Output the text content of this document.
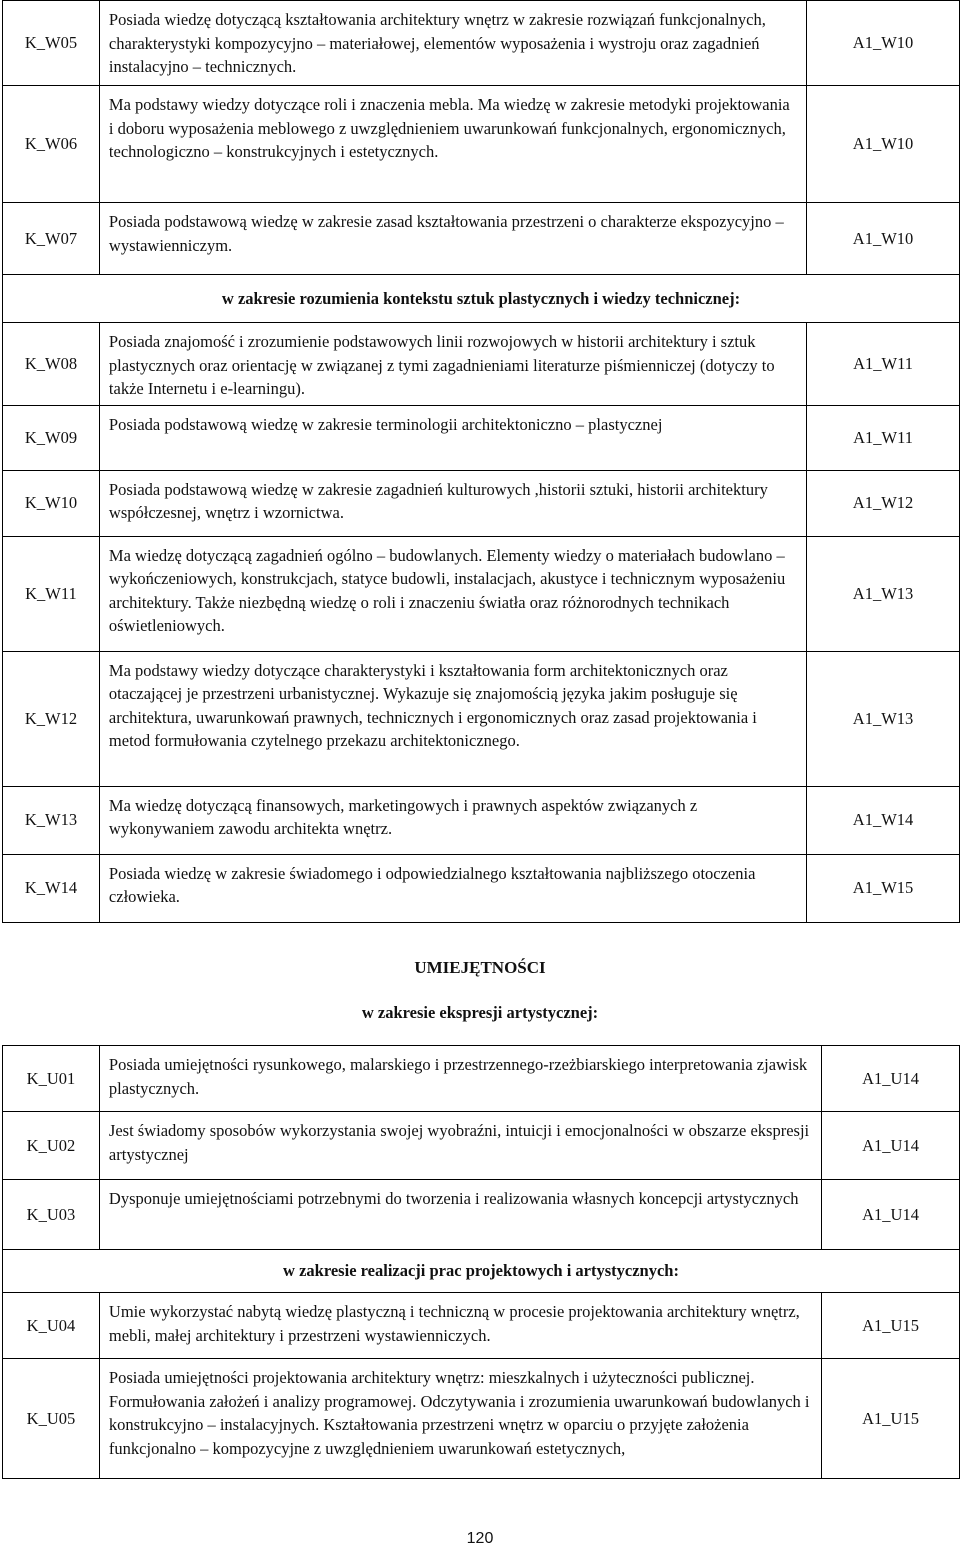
K_W05	Posiada wiedzę dotyczącą kształtowania architektury wnętrz w zakresie rozwiązań funkcjonalnych, charakterystyki kompozycyjno – materiałowej, elementów wyposażenia i wystroju oraz zagadnień instalacyjno – technicznych.	A1_W10
K_W06	Ma podstawy wiedzy dotyczące roli i znaczenia mebla. Ma wiedzę w zakresie metodyki projektowania i doboru wyposażenia meblowego z uwzględnieniem uwarunkowań funkcjonalnych, ergonomicznych, technologiczno – konstrukcyjnych i estetycznych.	A1_W10
K_W07	Posiada podstawową wiedzę w zakresie zasad kształtowania przestrzeni o charakterze ekspozycyjno – wystawienniczym.	A1_W10
w zakresie rozumienia kontekstu sztuk plastycznych i wiedzy technicznej:		
K_W08	Posiada znajomość i zrozumienie podstawowych linii rozwojowych w historii architektury i sztuk plastycznych oraz orientację w związanej z tymi zagadnieniami literaturze piśmienniczej (dotyczy to także Internetu i e-learningu).	A1_W11
K_W09	Posiada podstawową wiedzę w zakresie terminologii architektoniczno – plastycznej	A1_W11
K_W10	Posiada podstawową wiedzę w zakresie zagadnień kulturowych ,historii sztuki, historii architektury współczesnej, wnętrz i wzornictwa.	A1_W12
K_W11	Ma wiedzę dotyczącą zagadnień ogólno – budowlanych. Elementy wiedzy o materiałach budowlano – wykończeniowych, konstrukcjach, statyce budowli, instalacjach, akustyce i technicznym wyposażeniu architektury. Także niezbędną wiedzę o roli i znaczeniu światła oraz różnorodnych technikach oświetleniowych.	A1_W13
K_W12	Ma podstawy wiedzy dotyczące charakterystyki i kształtowania form architektonicznych oraz otaczającej je przestrzeni urbanistycznej. Wykazuje się znajomością języka jakim posługuje się architektura, uwarunkowań prawnych, technicznych i ergonomicznych oraz zasad projektowania i metod formułowania czytelnego przekazu architektonicznego.	A1_W13
K_W13	Ma wiedzę dotyczącą finansowych, marketingowych i prawnych aspektów związanych z wykonywaniem zawodu architekta wnętrz.	A1_W14
K_W14	Posiada wiedzę w zakresie świadomego i odpowiedzialnego kształtowania najbliższego otoczenia człowieka.	A1_W15
UMIEJĘTNOŚCI
w zakresie ekspresji artystycznej:
K_U01	Posiada umiejętności rysunkowego, malarskiego i przestrzennego-rzeżbiarskiego interpretowania zjawisk plastycznych.	A1_U14
K_U02	Jest świadomy sposobów wykorzystania swojej wyobraźni, intuicji i emocjonalności w obszarze ekspresji artystycznej	A1_U14
K_U03	Dysponuje umiejętnościami potrzebnymi do tworzenia i realizowania własnych koncepcji artystycznych	A1_U14
w zakresie realizacji prac projektowych i artystycznych:		
K_U04	Umie wykorzystać nabytą wiedzę plastyczną i techniczną w procesie projektowania architektury wnętrz, mebli, małej architektury i przestrzeni wystawienniczych.	A1_U15
K_U05	Posiada umiejętności projektowania architektury wnętrz: mieszkalnych i użyteczności publicznej. Formułowania założeń i analizy programowej. Odczytywania i zrozumienia uwarunkowań budowlanych i konstrukcyjno – instalacyjnych. Kształtowania przestrzeni wnętrz w oparciu o przyjęte założenia funkcjonalno – kompozycyjne z uwzględnieniem uwarunkowań estetycznych,	A1_U15
120
